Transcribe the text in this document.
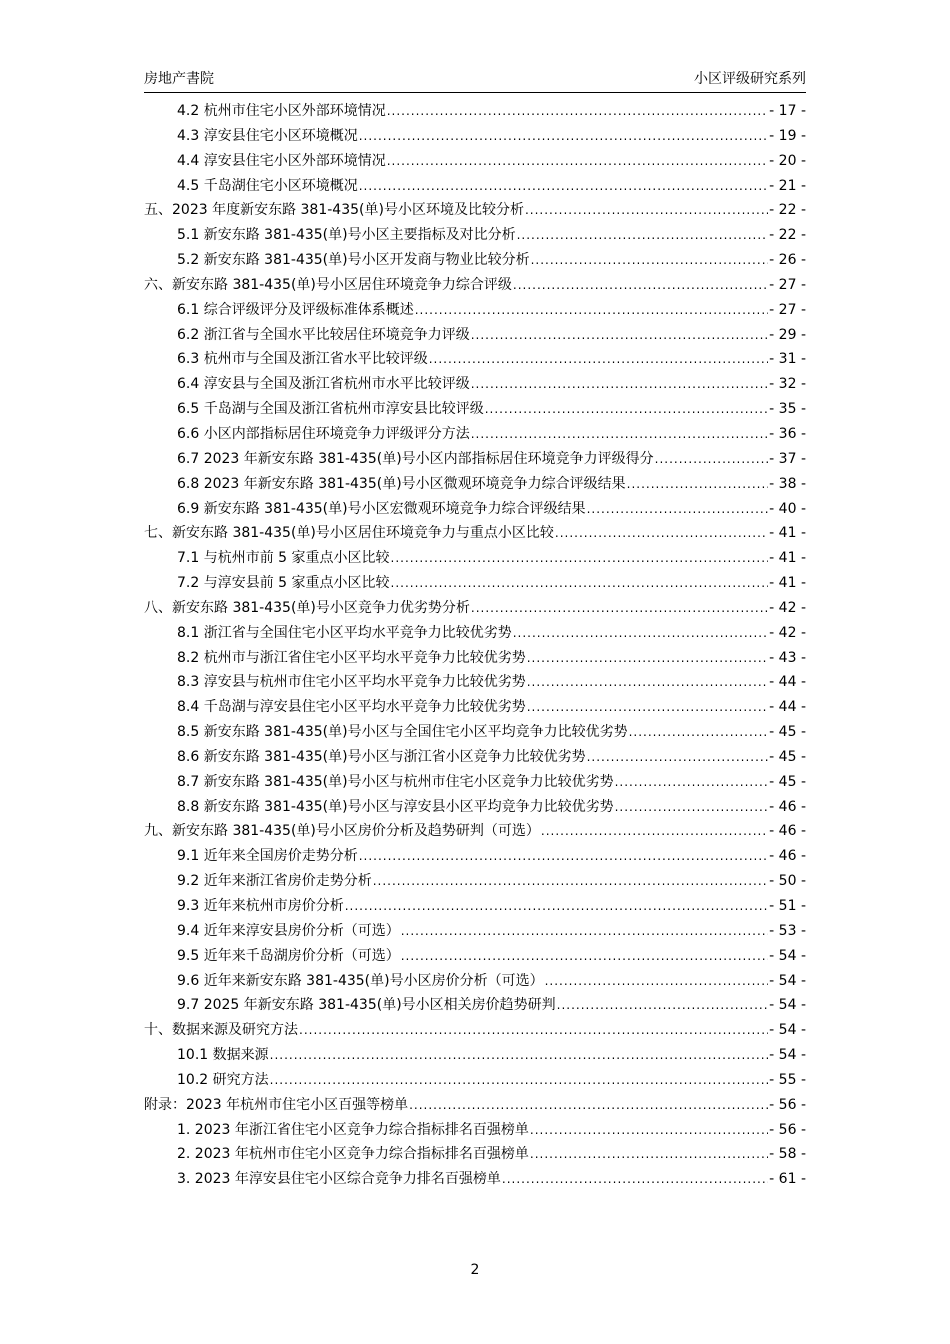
房地产書院	小区评级研究系列
4.2 杭州市住宅小区外部环境情况 .....	- 17 -
4.3 淳安县住宅小区环境概况 .....	- 19 -
4.4 淳安县住宅小区外部环境情况 .....	- 20 -
4.5 千岛湖住宅小区环境概况 .....	- 21 -
五、2023 年度新安东路 381-435(单)号小区环境及比较分析 .....	- 22 -
5.1 新安东路 381-435(单)号小区主要指标及对比分析 .....	- 22 -
5.2 新安东路 381-435(单)号小区开发商与物业比较分析 .....	- 26 -
六、新安东路 381-435(单)号小区居住环境竞争力综合评级 .....	- 27 -
6.1 综合评级评分及评级标准体系概述 .....	- 27 -
6.2 浙江省与全国水平比较居住环境竞争力评级 .....	- 29 -
6.3 杭州市与全国及浙江省水平比较评级 .....	- 31 -
6.4 淳安县与全国及浙江省杭州市水平比较评级 .....	- 32 -
6.5 千岛湖与全国及浙江省杭州市淳安县比较评级 .....	- 35 -
6.6 小区内部指标居住环境竞争力评级评分方法 .....	- 36 -
6.7 2023 年新安东路 381-435(单)号小区内部指标居住环境竞争力评级得分 .....	- 37 -
6.8 2023 年新安东路 381-435(单)号小区微观环境竞争力综合评级结果 .....	- 38 -
6.9 新安东路 381-435(单)号小区宏微观环境竞争力综合评级结果 .....	- 40 -
七、新安东路 381-435(单)号小区居住环境竞争力与重点小区比较 .....	- 41 -
7.1 与杭州市前 5 家重点小区比较 .....	- 41 -
7.2 与淳安县前 5 家重点小区比较 .....	- 41 -
八、新安东路 381-435(单)号小区竞争力优劣势分析 .....	- 42 -
8.1 浙江省与全国住宅小区平均水平竞争力比较优劣势 .....	- 42 -
8.2 杭州市与浙江省住宅小区平均水平竞争力比较优劣势 .....	- 43 -
8.3 淳安县与杭州市住宅小区平均水平竞争力比较优劣势 .....	- 44 -
8.4 千岛湖与淳安县住宅小区平均水平竞争力比较优劣势 .....	- 44 -
8.5 新安东路 381-435(单)号小区与全国住宅小区平均竞争力比较优劣势 .....	- 45 -
8.6 新安东路 381-435(单)号小区与浙江省小区竞争力比较优劣势 .....	- 45 -
8.7 新安东路 381-435(单)号小区与杭州市住宅小区竞争力比较优劣势 .....	- 45 -
8.8 新安东路 381-435(单)号小区与淳安县小区平均竞争力比较优劣势 .....	- 46 -
九、新安东路 381-435(单)号小区房价分析及趋势研判（可选） .....	- 46 -
9.1 近年来全国房价走势分析 .....	- 46 -
9.2 近年来浙江省房价走势分析 .....	- 50 -
9.3 近年来杭州市房价分析 .....	- 51 -
9.4 近年来淳安县房价分析（可选） .....	- 53 -
9.5 近年来千岛湖房价分析（可选） .....	- 54 -
9.6 近年来新安东路 381-435(单)号小区房价分析（可选） .....	- 54 -
9.7 2025 年新安东路 381-435(单)号小区相关房价趋势研判 .....	- 54 -
十、数据来源及研究方法 .....	- 54 -
10.1 数据来源 .....	- 54 -
10.2 研究方法 .....	- 55 -
附录：2023 年杭州市住宅小区百强等榜单 .....	- 56 -
1. 2023 年浙江省住宅小区竞争力综合指标排名百强榜单 .....	- 56 -
2. 2023 年杭州市住宅小区竞争力综合指标排名百强榜单 .....	- 58 -
3. 2023 年淳安县住宅小区综合竞争力排名百强榜单 .....	- 61 -
2
